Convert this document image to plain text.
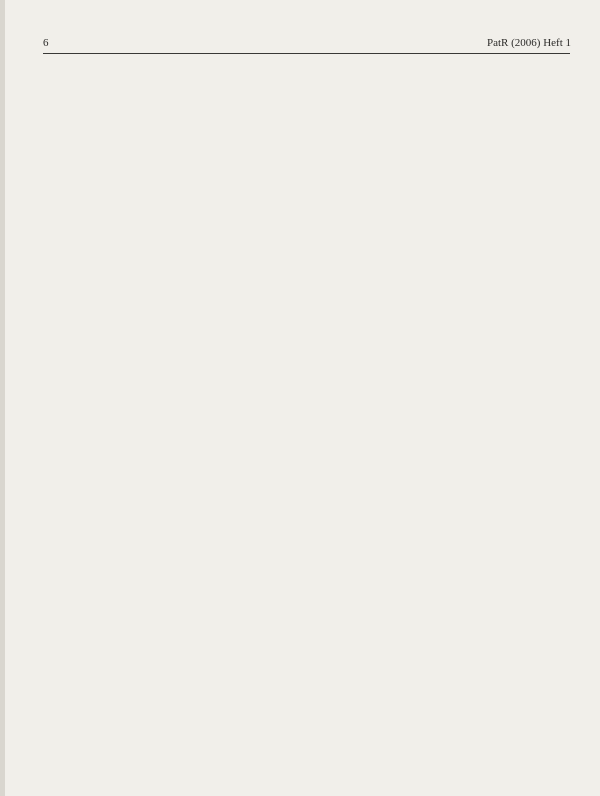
6	PatR (2006) Heft 1
